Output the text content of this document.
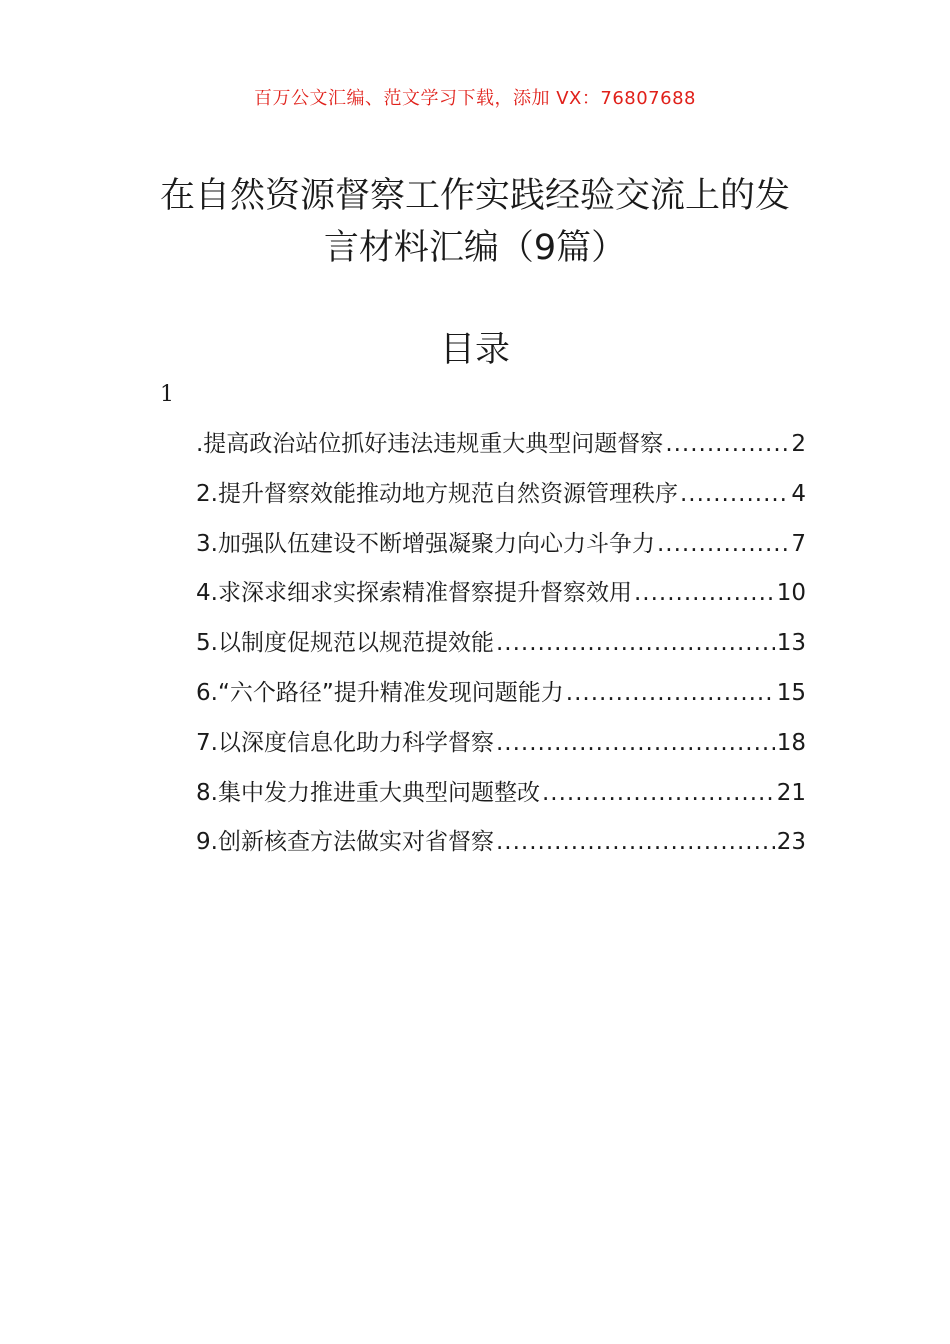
百万公文汇编、范文学习下载，添加 VX：76807688
在自然资源督察工作实践经验交流上的发言材料汇编（9篇）
目录
1
.提高政治站位抓好违法违规重大典型问题督察 .....	2
2.提升督察效能推动地方规范自然资源管理秩序 .....	4
3.加强队伍建设不断增强凝聚力向心力斗争力 .....	7
4.求深求细求实探索精准督察提升督察效用 .....	10
5.以制度促规范以规范提效能 .....	13
6.“六个路径”提升精准发现问题能力 .....	15
7.以深度信息化助力科学督察 .....	18
8.集中发力推进重大典型问题整改 .....	21
9.创新核查方法做实对省督察 .....	23
